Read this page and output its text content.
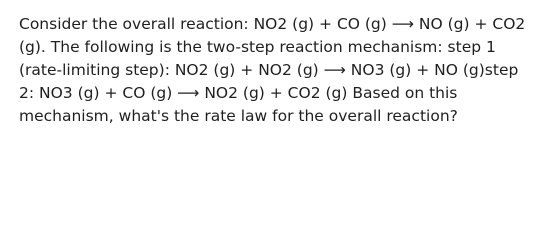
Consider the overall reaction: NO2 (g) + CO (g) ⟶ NO (g) + CO2
(g). The following is the two-step reaction mechanism: step 1
(rate-limiting step): NO2 (g) + NO2 (g) ⟶ NO3 (g) + NO (g)step
2: NO3 (g) + CO (g) ⟶ NO2 (g) + CO2 (g) Based on this
mechanism, what's the rate law for the overall reaction?
